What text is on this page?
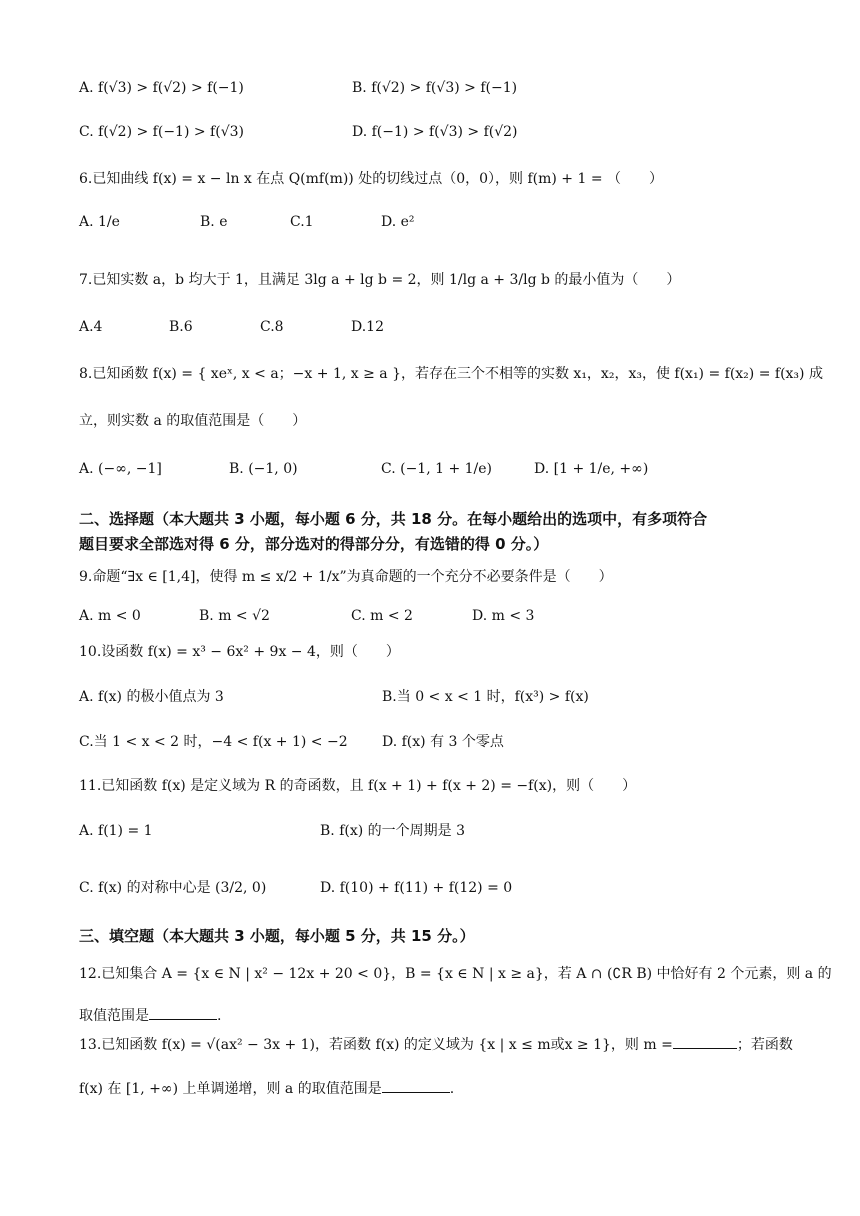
A. f(√3) > f(√2) > f(−1)	B. f(√2) > f(√3) > f(−1)
C. f(√2) > f(−1) > f(√3)	D. f(−1) > f(√3) > f(√2)
6.已知曲线 f(x) = x − ln x 在点 Q(mf(m)) 处的切线过点（0，0），则 f(m) + 1 = （　　）
A. 1/e	B. e	C.1	D. e²
7.已知实数 a，b 均大于 1，且满足 3lg a + lg b = 2，则 1/lg a + 3/lg b 的最小值为（　　）
A.4	B.6	C.8	D.12
8.已知函数 f(x) = { xeˣ, x < a；−x + 1, x ≥ a }，若存在三个不相等的实数 x₁，x₂，x₃，使 f(x₁) = f(x₂) = f(x₃) 成
立，则实数 a 的取值范围是（　　）
A. (−∞, −1]	B. (−1, 0)	C. (−1, 1 + 1/e)	D. [1 + 1/e, +∞)
二、选择题（本大题共 3 小题，每小题 6 分，共 18 分。在每小题给出的选项中，有多项符合
题目要求全部选对得 6 分，部分选对的得部分分，有选错的得 0 分。）
9.命题“∃x ∈ [1,4]，使得 m ≤ x/2 + 1/x”为真命题的一个充分不必要条件是（　　）
A. m < 0	B. m < √2	C. m < 2	D. m < 3
10.设函数 f(x) = x³ − 6x² + 9x − 4，则（　　）
A. f(x) 的极小值点为 3	B.当 0 < x < 1 时，f(x³) > f(x)
C.当 1 < x < 2 时，−4 < f(x + 1) < −2 D. f(x) 有 3 个零点
11.已知函数 f(x) 是定义域为 R 的奇函数，且 f(x + 1) + f(x + 2) = −f(x)，则（　　）
A. f(1) = 1	B. f(x) 的一个周期是 3
C. f(x) 的对称中心是 (3/2, 0)	D. f(10) + f(11) + f(12) = 0
三、填空题（本大题共 3 小题，每小题 5 分，共 15 分。）
12.已知集合 A = {x ∈ N | x² − 12x + 20 < 0}，B = {x ∈ N | x ≥ a}，若 A ∩ (∁R B) 中恰好有 2 个元素，则 a 的
取值范围是	.
13.已知函数 f(x) = √(ax² − 3x + 1)，若函数 f(x) 的定义域为 {x | x ≤ m或x ≥ 1}，则 m =	；若函数
f(x) 在 [1, +∞) 上单调递增，则 a 的取值范围是	.
